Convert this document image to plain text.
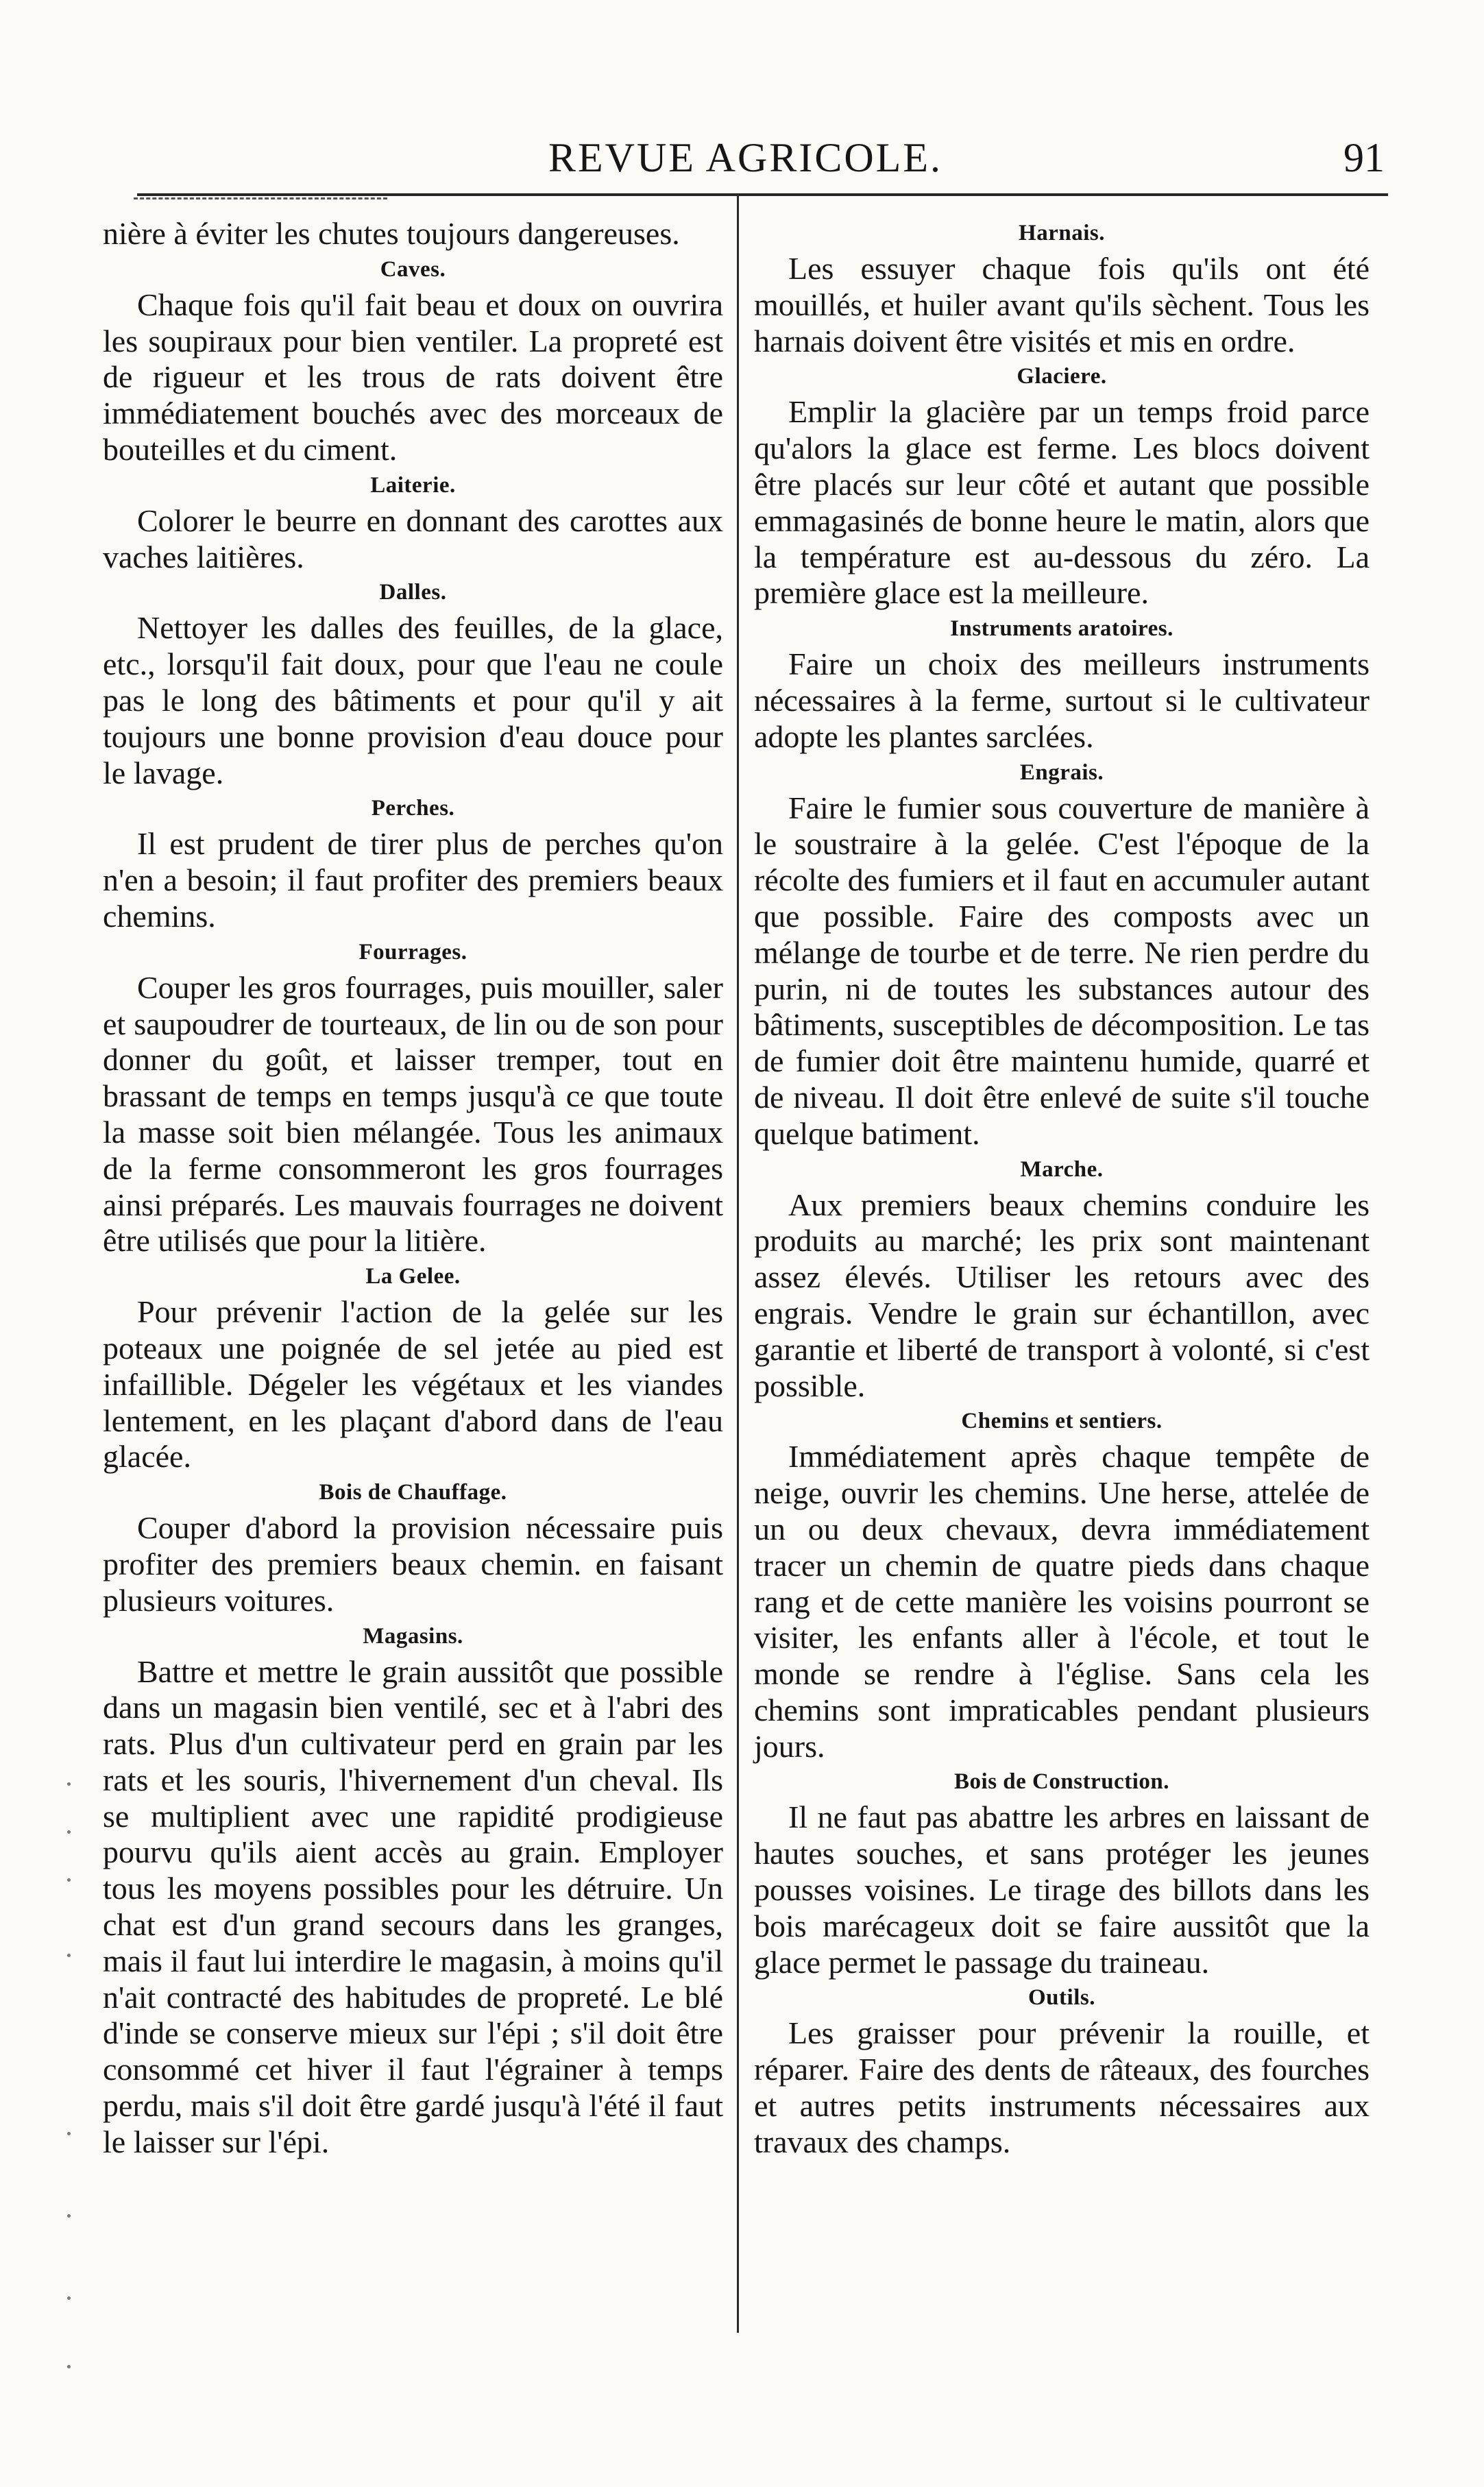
REVUE AGRICOLE.	91

nière à éviter les chutes toujours dangereuses.

Caves.

Chaque fois qu'il fait beau et doux on ouvrira les soupiraux pour bien ventiler. La propreté est de rigueur et les trous de rats doivent être immédiatement bouchés avec des morceaux de bouteilles et du ciment.

Laiterie.

Colorer le beurre en donnant des carottes aux vaches laitières.

Dalles.

Nettoyer les dalles des feuilles, de la glace, etc., lorsqu'il fait doux, pour que l'eau ne coule pas le long des bâtiments et pour qu'il y ait toujours une bonne provision d'eau douce pour le lavage.

Perches.

Il est prudent de tirer plus de perches qu'on n'en a besoin; il faut profiter des premiers beaux chemins.

Fourrages.

Couper les gros fourrages, puis mouiller, saler et saupoudrer de tourteaux, de lin ou de son pour donner du goût, et laisser tremper, tout en brassant de temps en temps jusqu'à ce que toute la masse soit bien mélangée. Tous les animaux de la ferme consommeront les gros fourrages ainsi préparés. Les mauvais fourrages ne doivent être utilisés que pour la litière.

La Gelee.

Pour prévenir l'action de la gelée sur les poteaux une poignée de sel jetée au pied est infaillible. Dégeler les végétaux et les viandes lentement, en les plaçant d'abord dans de l'eau glacée.

Bois de Chauffage.

Couper d'abord la provision nécessaire puis profiter des premiers beaux chemin. en faisant plusieurs voitures.

Magasins.

Battre et mettre le grain aussitôt que possible dans un magasin bien ventilé, sec et à l'abri des rats. Plus d'un cultivateur perd en grain par les rats et les souris, l'hivernement d'un cheval. Ils se multiplient avec une rapidité prodigieuse pourvu qu'ils aient accès au grain. Employer tous les moyens possibles pour les détruire. Un chat est d'un grand secours dans les granges, mais il faut lui interdire le magasin, à moins qu'il n'ait contracté des habitudes de propreté. Le blé d'inde se conserve mieux sur l'épi ; s'il doit être consommé cet hiver il faut l'égrainer à temps perdu, mais s'il doit être gardé jusqu'à l'été il faut le laisser sur l'épi.

Harnais.

Les essuyer chaque fois qu'ils ont été mouillés, et huiler avant qu'ils sèchent. Tous les harnais doivent être visités et mis en ordre.

Glaciere.

Emplir la glacière par un temps froid parce qu'alors la glace est ferme. Les blocs doivent être placés sur leur côté et autant que possible emmagasinés de bonne heure le matin, alors que la température est au-dessous du zéro. La première glace est la meilleure.

Instruments aratoires.

Faire un choix des meilleurs instruments nécessaires à la ferme, surtout si le cultivateur adopte les plantes sarclées.

Engrais.

Faire le fumier sous couverture de manière à le soustraire à la gelée. C'est l'époque de la récolte des fumiers et il faut en accumuler autant que possible. Faire des composts avec un mélange de tourbe et de terre. Ne rien perdre du purin, ni de toutes les substances autour des bâtiments, susceptibles de décomposition. Le tas de fumier doit être maintenu humide, quarré et de niveau. Il doit être enlevé de suite s'il touche quelque batiment.

Marche.

Aux premiers beaux chemins conduire les produits au marché; les prix sont maintenant assez élevés. Utiliser les retours avec des engrais. Vendre le grain sur échantillon, avec garantie et liberté de transport à volonté, si c'est possible.

Chemins et sentiers.

Immédiatement après chaque tempête de neige, ouvrir les chemins. Une herse, attelée de un ou deux chevaux, devra immédiatement tracer un chemin de quatre pieds dans chaque rang et de cette manière les voisins pourront se visiter, les enfants aller à l'école, et tout le monde se rendre à l'église. Sans cela les chemins sont impraticables pendant plusieurs jours.

Bois de Construction.

Il ne faut pas abattre les arbres en laissant de hautes souches, et sans protéger les jeunes pousses voisines. Le tirage des billots dans les bois marécageux doit se faire aussitôt que la glace permet le passage du traineau.

Outils.

Les graisser pour prévenir la rouille, et réparer. Faire des dents de râteaux, des fourches et autres petits instruments nécessaires aux travaux des champs.
